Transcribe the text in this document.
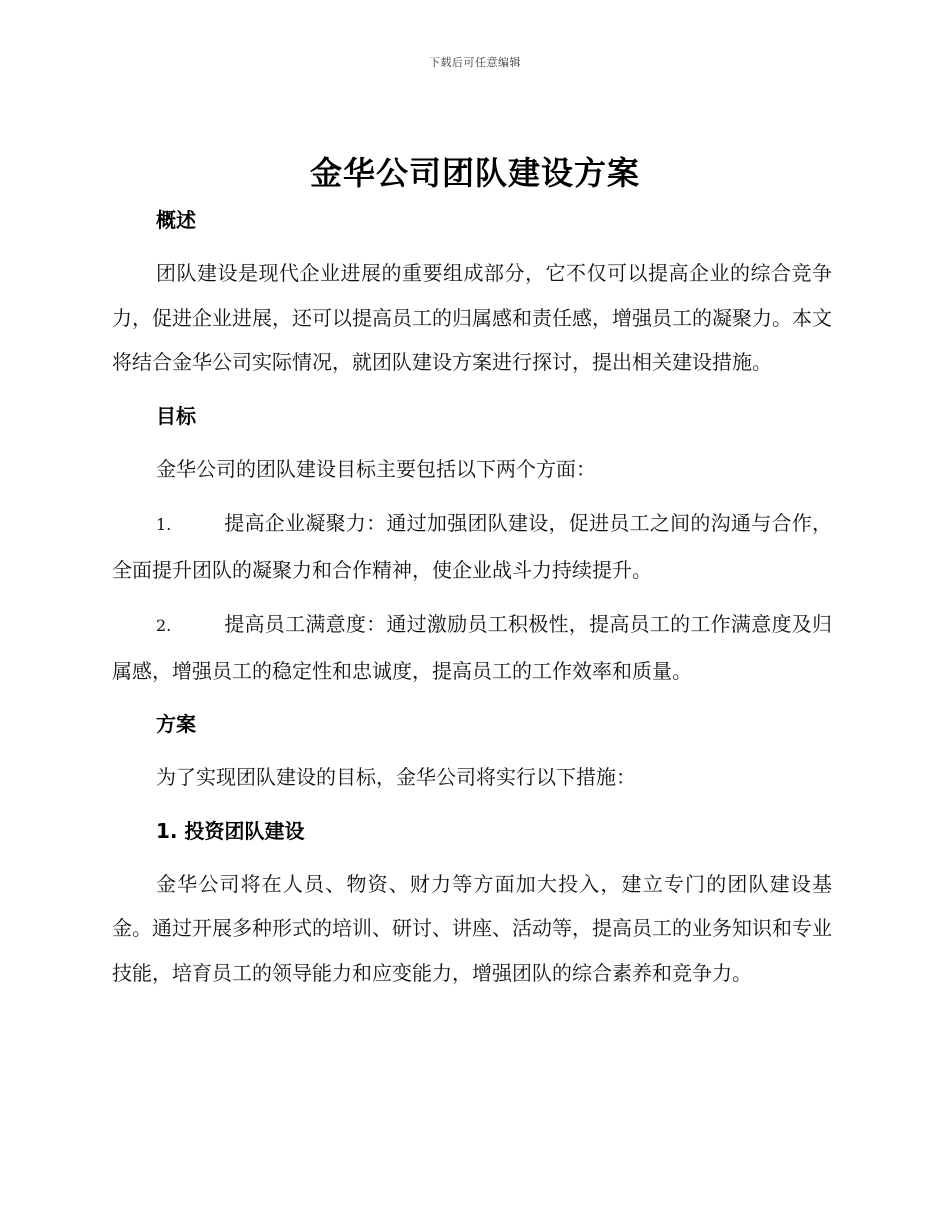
下载后可任意编辑
金华公司团队建设方案
概述

团队建设是现代企业进展的重要组成部分，它不仅可以提高企业的综合竞争力，促进企业进展，还可以提高员工的归属感和责任感，增强员工的凝聚力。本文将结合金华公司实际情况，就团队建设方案进行探讨，提出相关建设措施。

目标

金华公司的团队建设目标主要包括以下两个方面：

1.	提高企业凝聚力：通过加强团队建设，促进员工之间的沟通与合作，全面提升团队的凝聚力和合作精神，使企业战斗力持续提升。

2.	提高员工满意度：通过激励员工积极性，提高员工的工作满意度及归属感，增强员工的稳定性和忠诚度，提高员工的工作效率和质量。

方案

为了实现团队建设的目标，金华公司将实行以下措施：

1. 投资团队建设

金华公司将在人员、物资、财力等方面加大投入，建立专门的团队建设基金。通过开展多种形式的培训、研讨、讲座、活动等，提高员工的业务知识和专业技能，培育员工的领导能力和应变能力，增强团队的综合素养和竞争力。
